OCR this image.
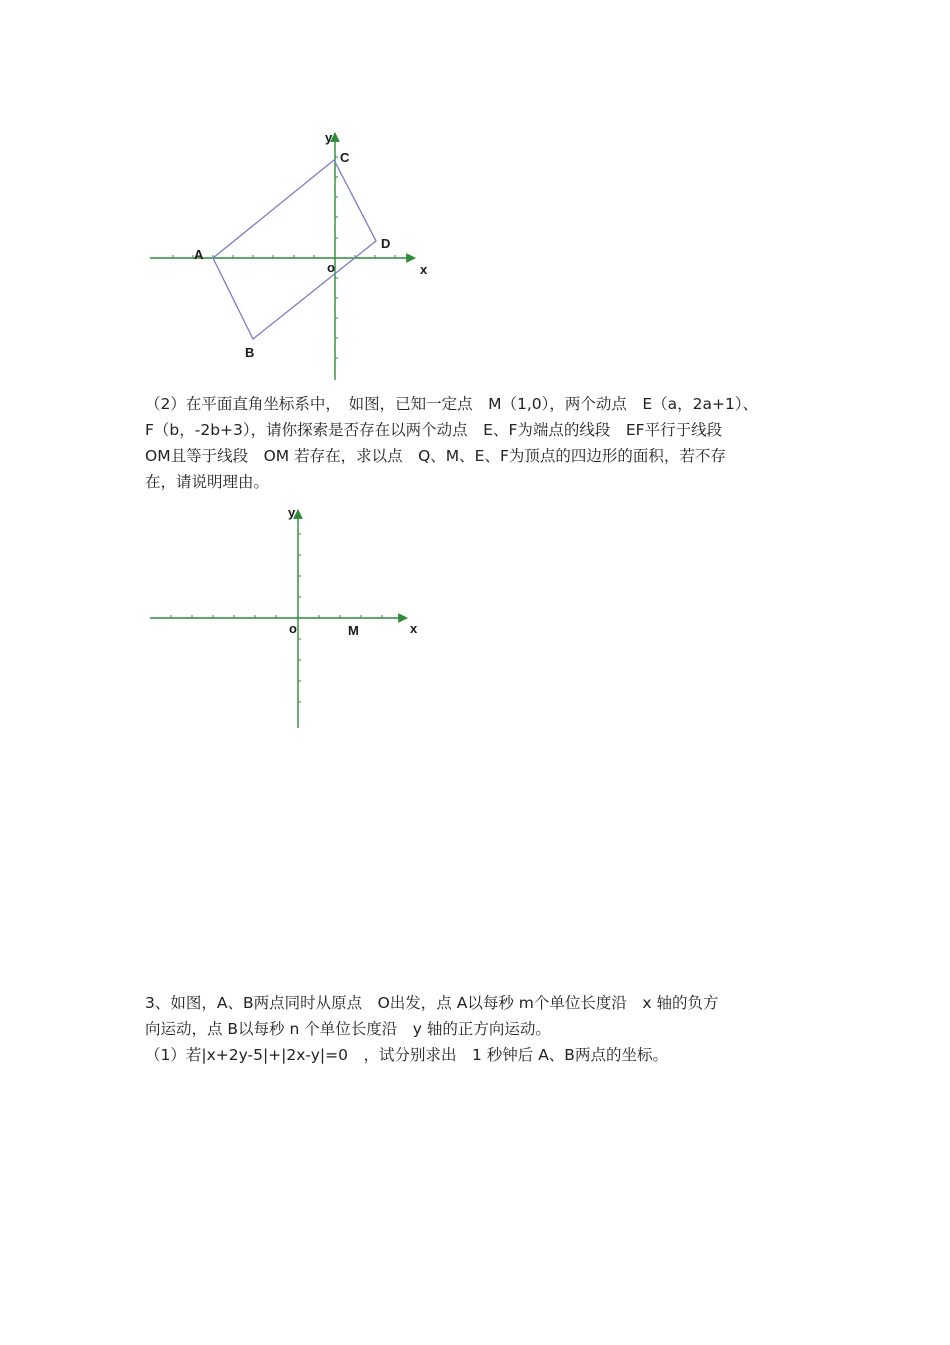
y
x
o
A
B
C
D
y
x
o	M

（2）在平面直角坐标系中，　如图，已知一定点　M（1,0），两个动点　E（a，2a+1）、
F（b，-2b+3），请你探索是否存在以两个动点　E、F为端点的线段　EF平行于线段
OM且等于线段　OM 若存在，求以点　Q、M、E、F为顶点的四边形的面积，若不存
在，请说明理由。

3、如图，A、B两点同时从原点　O出发，点 A以每秒 m个单位长度沿　x 轴的负方
向运动，点 B以每秒 n 个单位长度沿　y 轴的正方向运动。
（1）若|x+2y-5|+|2x-y|=0　，试分别求出　1 秒钟后 A、B两点的坐标。
